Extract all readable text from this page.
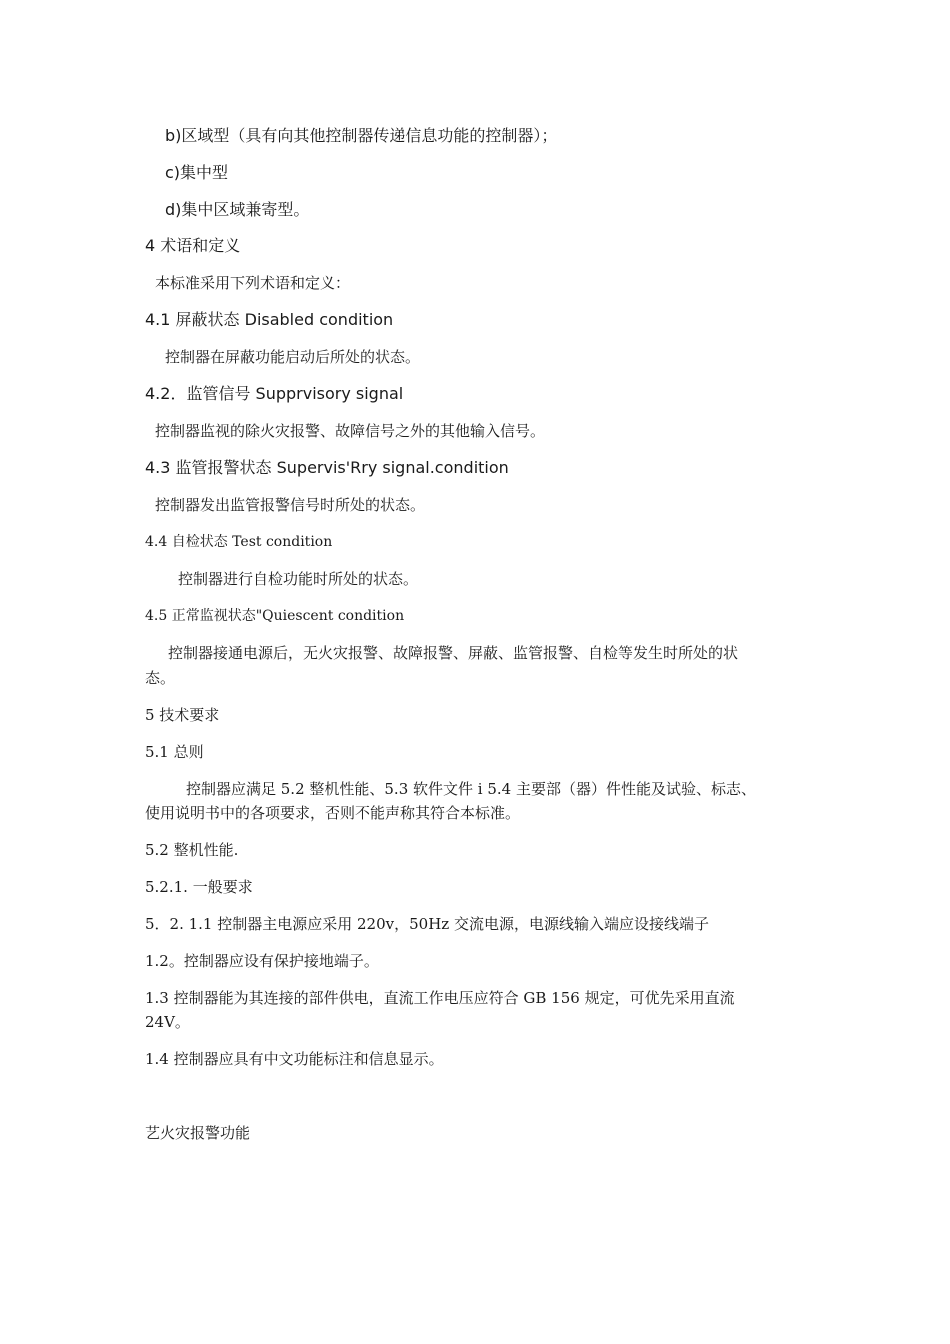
b)区域型（具有向其他控制器传递信息功能的控制器）；
c)集中型
d)集中区域兼寄型。
4 术语和定义
本标准采用下列术语和定义：
4.1 屏蔽状态 Disabled condition
控制器在屏蔽功能启动后所处的状态。
4.2．监管信号 Supprvisory signal
控制器监视的除火灾报警、故障信号之外的其他输入信号。
4.3 监管报警状态 Supervis'Rry signal.condition
控制器发出监管报警信号时所处的状态。
4.4 自检状态 Test condition
控制器进行自检功能时所处的状态。
4.5 正常监视状态"Quiescent condition
控制器接通电源后，无火灾报警、故障报警、屏蔽、监管报警、自检等发生时所处的状
态。
5 技术要求
5.1 总则
控制器应满足 5.2 整机性能、5.3 软件文件 i 5.4 主要部（器）件性能及试验、标志、
使用说明书中的各项要求，否则不能声称其符合本标准。
5.2 整机性能.
5.2.1. 一般要求
5．2. 1.1 控制器主电源应采用 220v，50Hz 交流电源，电源线输入端应设接线端子
1.2。控制器应设有保护接地端子。
1.3 控制器能为其连接的部件供电，直流工作电压应符合 GB 156 规定，可优先采用直流
24V。
1.4 控制器应具有中文功能标注和信息显示。
艺火灾报警功能
